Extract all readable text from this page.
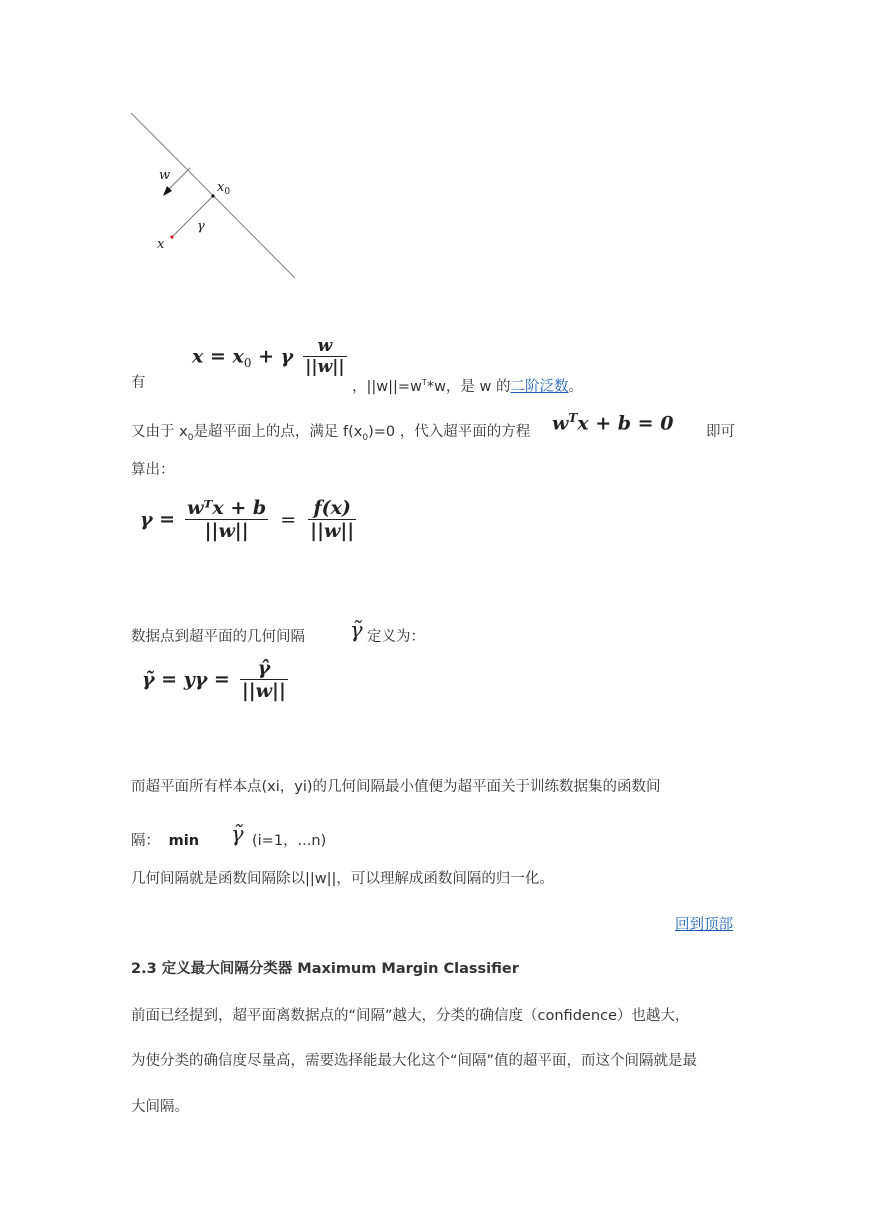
w
$x_0$
γ
x
有
$x = x_0 + \gamma \frac{w}{||w||}$
，$||w||=w^T*w$，是 w 的二阶泛数。
又由于 $x_0$是超平面上的点，满足 $f(x_0)=0$ ，代入超平面的方程 $w^Tx + b = 0$ 即可
算出：
$\gamma = \frac{\text{wᵀx + b}}{||w||} = \frac{f(x)}{||w||}$
数据点到超平面的几何间隔 γ̃ 定义为：
γ̃ = $y\gamma = \frac{\gammâ}{||w||}$
而超平面所有样本点(xi，yi)的几何间隔最小值便为超平面关于训练数据集的函数间
隔： min γ̃ (i=1，...n)
几何间隔就是函数间隔除以||w||，可以理解成函数间隔的归一化。
回到顶部
2.3 定义最大间隔分类器 Maximum Margin Classifier
前面已经提到，超平面离数据点的“间隔”越大，分类的确信度（confidence）也越大，
为使分类的确信度尽量高，需要选择能最大化这个“间隔”值的超平面，而这个间隔就是最
大间隔。
